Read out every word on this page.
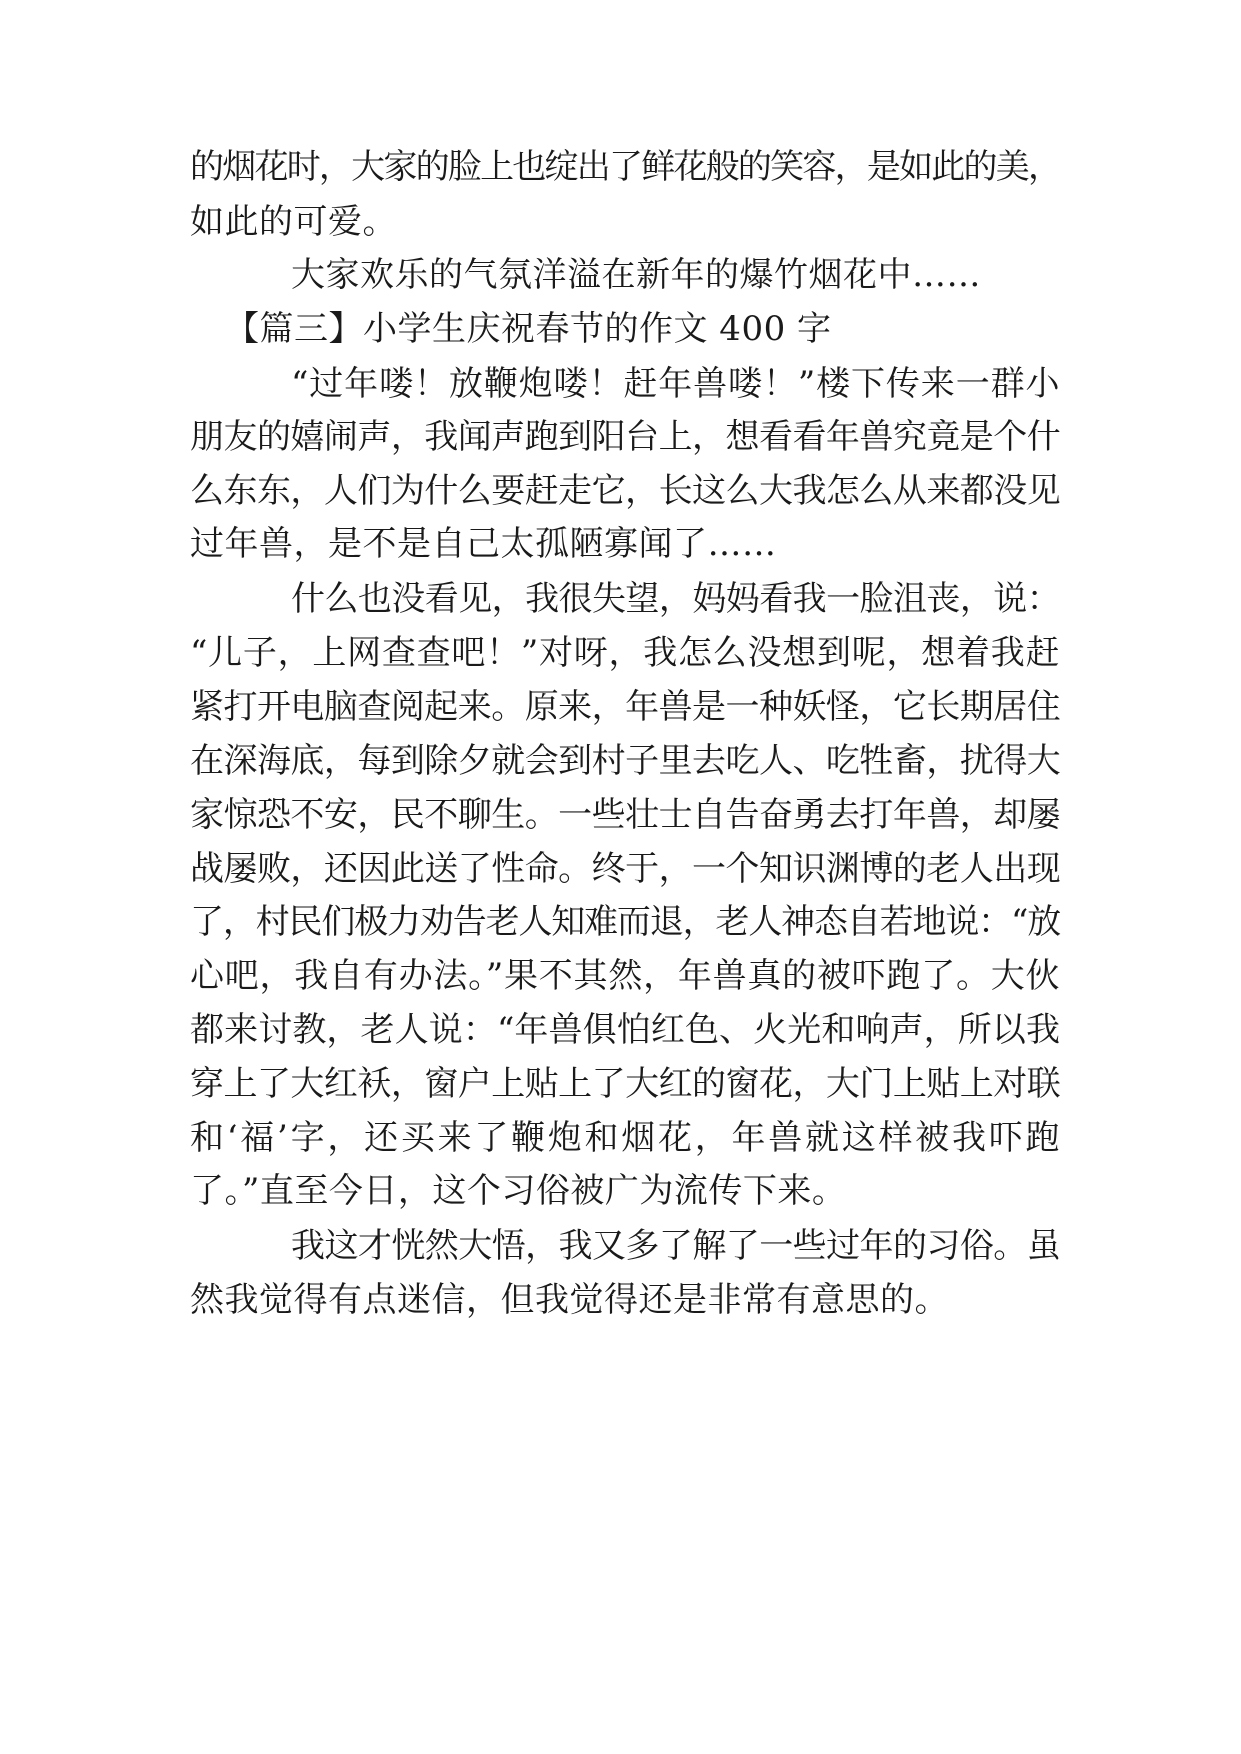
的烟花时，大家的脸上也绽出了鲜花般的笑容，是如此的美，
如此的可爱。
大家欢乐的气氛洋溢在新年的爆竹烟花中……
【篇三】小学生庆祝春节的作文 400 字
“过年喽！放鞭炮喽！赶年兽喽！”楼下传来一群小
朋友的嬉闹声，我闻声跑到阳台上，想看看年兽究竟是个什
么东东，人们为什么要赶走它，长这么大我怎么从来都没见
过年兽，是不是自己太孤陋寡闻了……
什么也没看见，我很失望，妈妈看我一脸沮丧，说：
“儿子，上网查查吧！”对呀，我怎么没想到呢，想着我赶
紧打开电脑查阅起来。原来，年兽是一种妖怪，它长期居住
在深海底，每到除夕就会到村子里去吃人、吃牲畜，扰得大
家惊恐不安，民不聊生。一些壮士自告奋勇去打年兽，却屡
战屡败，还因此送了性命。终于，一个知识渊博的老人出现
了，村民们极力劝告老人知难而退，老人神态自若地说：“放
心吧，我自有办法。”果不其然，年兽真的被吓跑了。大伙
都来讨教，老人说：“年兽俱怕红色、火光和响声，所以我
穿上了大红袄，窗户上贴上了大红的窗花，大门上贴上对联
和‘福’字，还买来了鞭炮和烟花，年兽就这样被我吓跑
了。”直至今日，这个习俗被广为流传下来。
我这才恍然大悟，我又多了解了一些过年的习俗。虽
然我觉得有点迷信，但我觉得还是非常有意思的。
